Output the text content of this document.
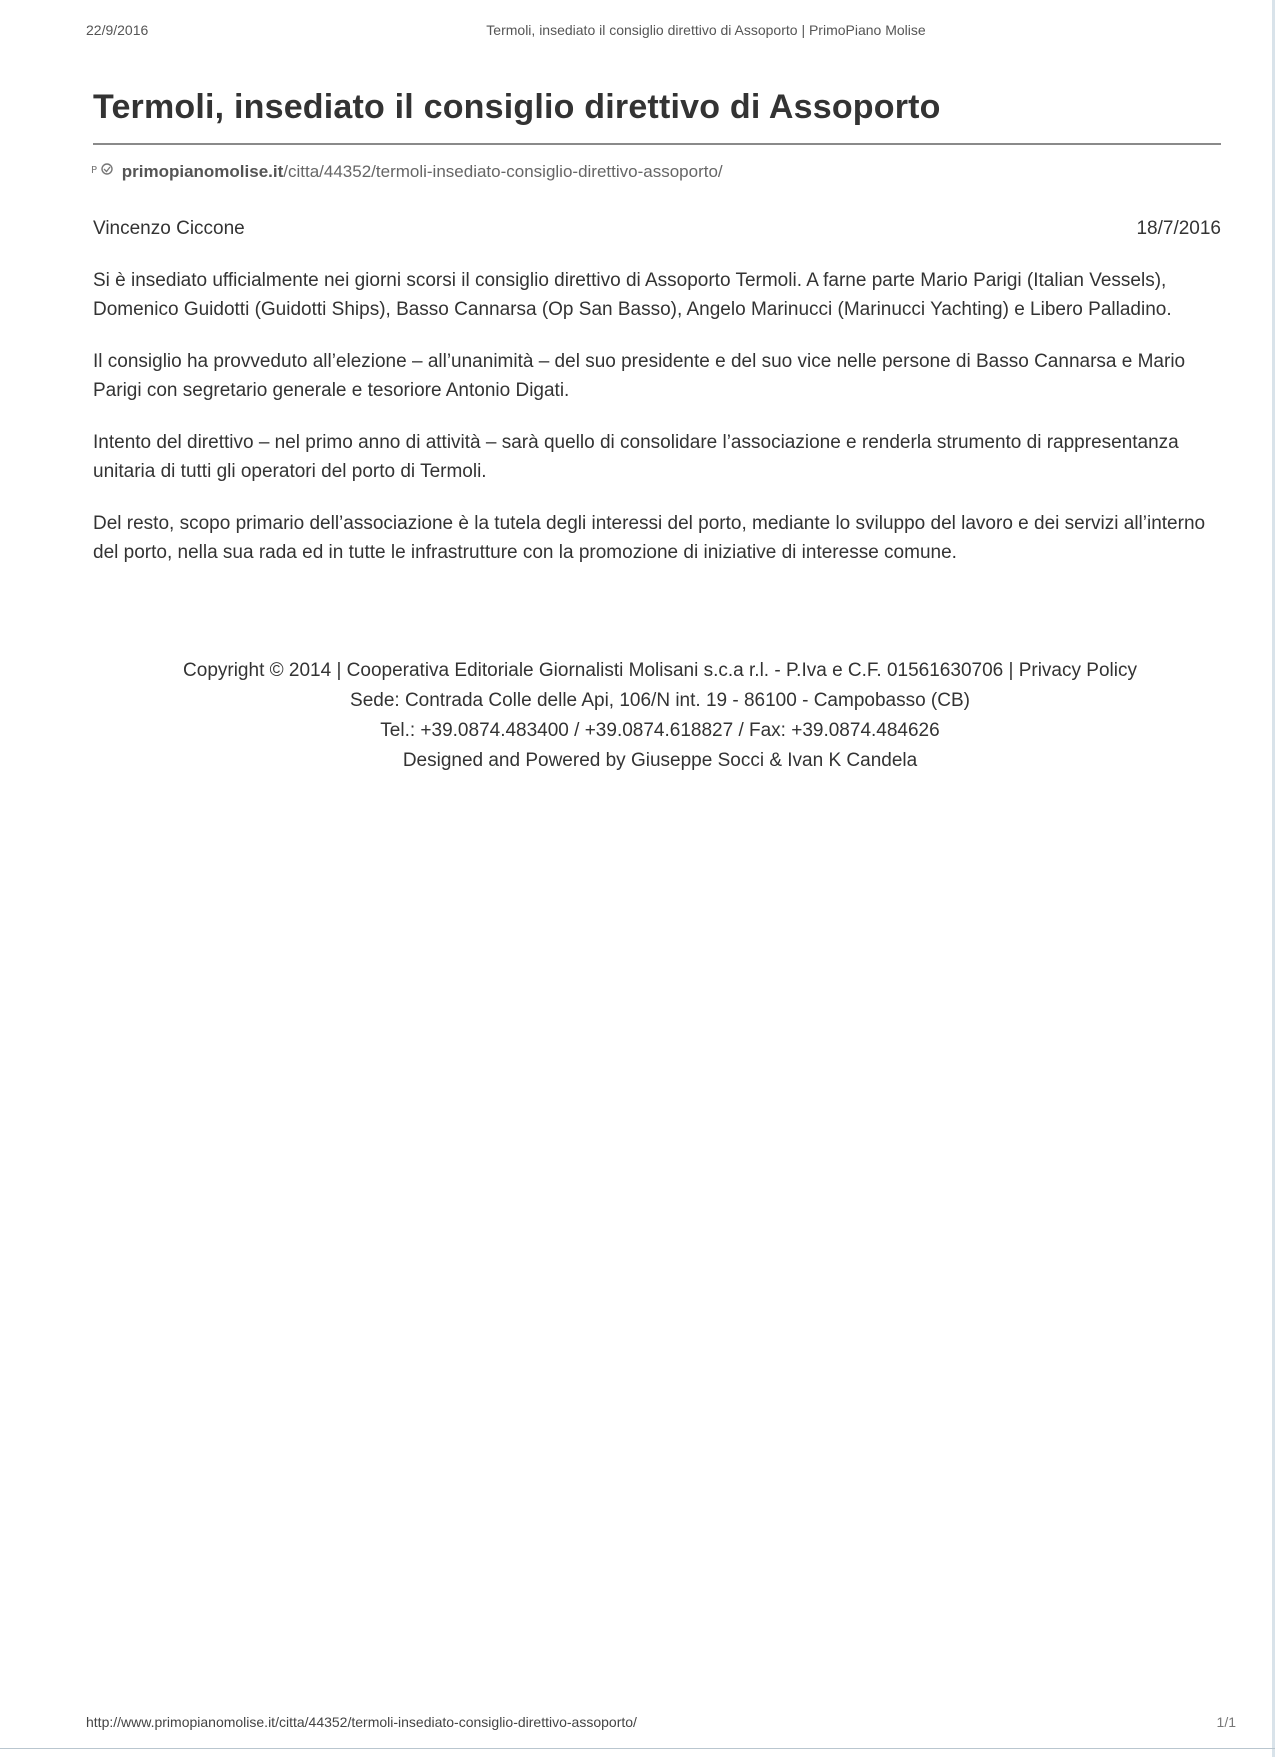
22/9/2016	Termoli, insediato il consiglio direttivo di Assoporto | PrimoPiano Molise
Termoli, insediato il consiglio direttivo di Assoporto
P primopianomolise.it/citta/44352/termoli-insediato-consiglio-direttivo-assoporto/
Vincenzo Ciccone	18/7/2016

Si è insediato ufficialmente nei giorni scorsi il consiglio direttivo di Assoporto Termoli. A farne parte Mario Parigi (Italian Vessels), Domenico Guidotti (Guidotti Ships), Basso Cannarsa (Op San Basso), Angelo Marinucci (Marinucci Yachting) e Libero Palladino.

Il consiglio ha provveduto all’elezione – all’unanimità – del suo presidente e del suo vice nelle persone di Basso Cannarsa e Mario Parigi con segretario generale e tesoriore Antonio Digati.

Intento del direttivo – nel primo anno di attività – sarà quello di consolidare l’associazione e renderla strumento di rappresentanza unitaria di tutti gli operatori del porto di Termoli.

Del resto, scopo primario dell’associazione è la tutela degli interessi del porto, mediante lo sviluppo del lavoro e dei servizi all’interno del porto, nella sua rada ed in tutte le infrastrutture con la promozione di iniziative di interesse comune.

Copyright © 2014 | Cooperativa Editoriale Giornalisti Molisani s.c.a r.l. - P.Iva e C.F. 01561630706 | Privacy Policy
Sede: Contrada Colle delle Api, 106/N int. 19 - 86100 - Campobasso (CB)
Tel.: +39.0874.483400 / +39.0874.618827 / Fax: +39.0874.484626
Designed and Powered by Giuseppe Socci & Ivan K Candela
http://www.primopianomolise.it/citta/44352/termoli-insediato-consiglio-direttivo-assoporto/	1/1
